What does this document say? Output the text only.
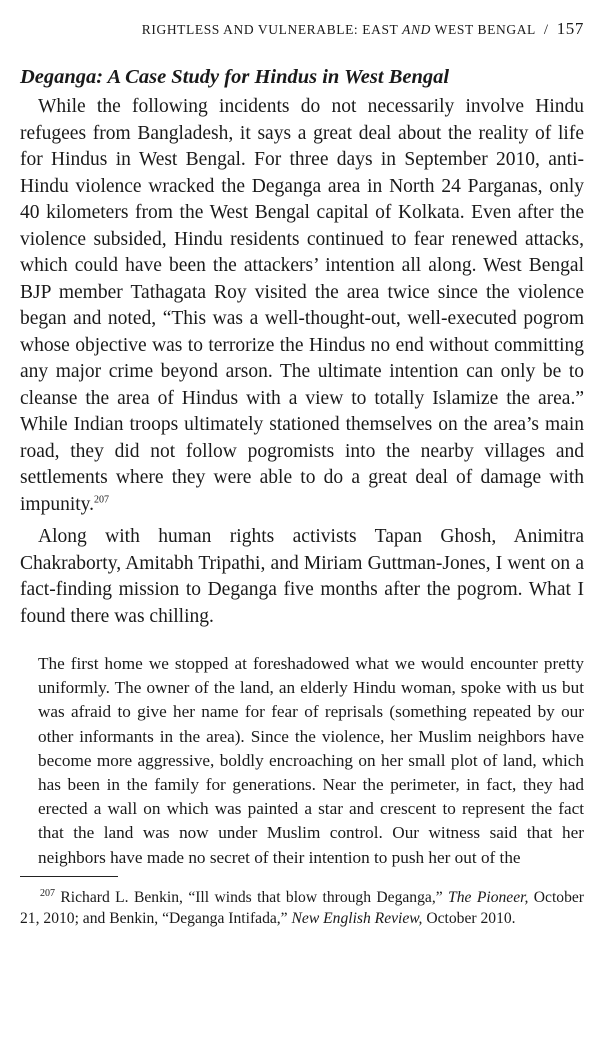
RIGHTLESS AND VULNERABLE: EAST AND WEST BENGAL / 157
Deganga: A Case Study for Hindus in West Bengal

While the following incidents do not necessarily involve Hindu refugees from Bangladesh, it says a great deal about the reality of life for Hindus in West Bengal. For three days in September 2010, anti-Hindu violence wracked the Deganga area in North 24 Parganas, only 40 kilometers from the West Bengal capital of Kolkata. Even after the violence subsided, Hindu residents continued to fear renewed attacks, which could have been the attackers’ intention all along. West Bengal BJP member Tathagata Roy visited the area twice since the violence began and noted, “This was a well-thought-out, well-executed pogrom whose objective was to terrorize the Hindus no end without committing any major crime beyond arson. The ultimate intention can only be to cleanse the area of Hindus with a view to totally Islamize the area.” While Indian troops ultimately stationed themselves on the area’s main road, they did not follow pogromists into the nearby villages and settlements where they were able to do a great deal of damage with impunity.$^{207}$

Along with human rights activists Tapan Ghosh, Animitra Chakraborty, Amitabh Tripathi, and Miriam Guttman-Jones, I went on a fact-finding mission to Deganga five months after the pogrom. What I found there was chilling.

The first home we stopped at foreshadowed what we would encounter pretty uniformly. The owner of the land, an elderly Hindu woman, spoke with us but was afraid to give her name for fear of reprisals (something repeated by our other informants in the area). Since the violence, her Muslim neighbors have become more aggressive, boldly encroaching on her small plot of land, which has been in the family for generations. Near the perimeter, in fact, they had erected a wall on which was painted a star and crescent to represent the fact that the land was now under Muslim control. Our witness said that her neighbors have made no secret of their intention to push her out of the

$^{207}$ Richard L. Benkin, “Ill winds that blow through Deganga,” The Pioneer, October 21, 2010; and Benkin, “Deganga Intifada,” New English Review, October 2010.
